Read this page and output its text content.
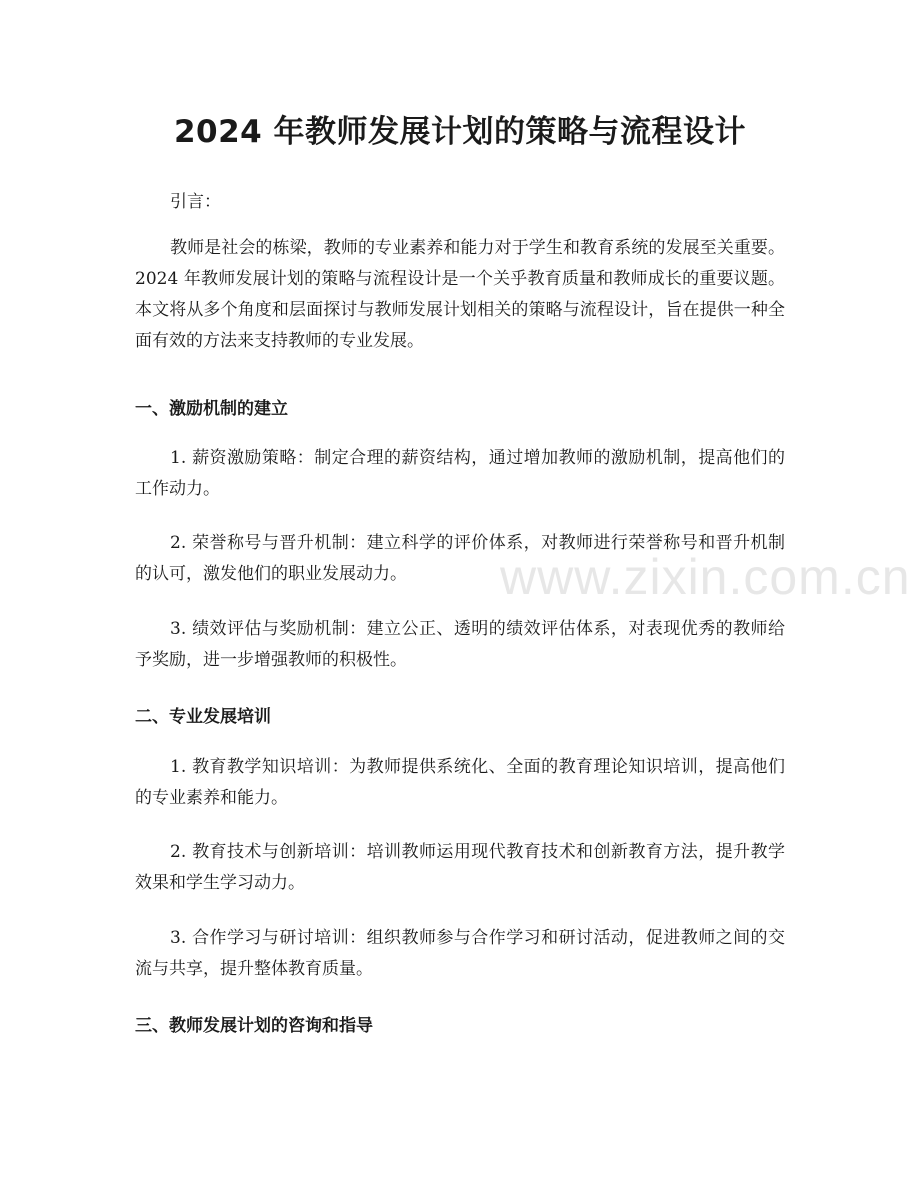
2024 年教师发展计划的策略与流程设计
引言：
教师是社会的栋梁，教师的专业素养和能力对于学生和教育系统的发展至关重要。2024 年教师发展计划的策略与流程设计是一个关乎教育质量和教师成长的重要议题。本文将从多个角度和层面探讨与教师发展计划相关的策略与流程设计，旨在提供一种全面有效的方法来支持教师的专业发展。
一、激励机制的建立
1. 薪资激励策略：制定合理的薪资结构，通过增加教师的激励机制，提高他们的工作动力。
2. 荣誉称号与晋升机制：建立科学的评价体系，对教师进行荣誉称号和晋升机制的认可，激发他们的职业发展动力。
3. 绩效评估与奖励机制：建立公正、透明的绩效评估体系，对表现优秀的教师给予奖励，进一步增强教师的积极性。
二、专业发展培训
1. 教育教学知识培训：为教师提供系统化、全面的教育理论知识培训，提高他们的专业素养和能力。
2. 教育技术与创新培训：培训教师运用现代教育技术和创新教育方法，提升教学效果和学生学习动力。
3. 合作学习与研讨培训：组织教师参与合作学习和研讨活动，促进教师之间的交流与共享，提升整体教育质量。
三、教师发展计划的咨询和指导
www.zixin.com.cn
